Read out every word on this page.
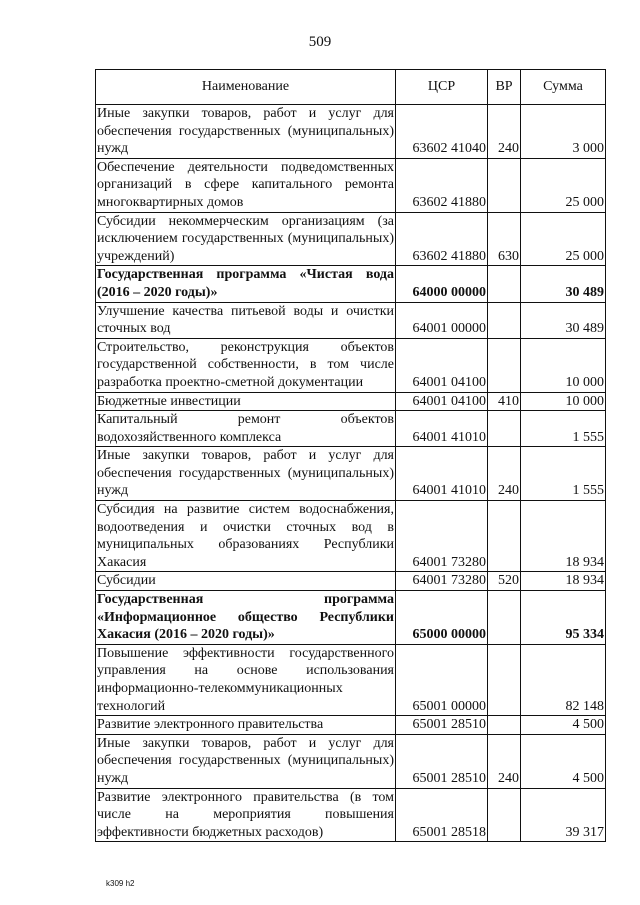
509
Наименование	ЦСР	ВР	Сумма
Иные закупки товаров, работ и услуг для обеспечения государственных (муниципальных) нужд	63602 41040	240	3 000
Обеспечение деятельности подведомственных организаций в сфере капитального ремонта многоквартирных домов	63602 41880		25 000
Субсидии некоммерческим организациям (за исключением государственных (муниципальных) учреждений)	63602 41880	630	25 000
Государственная программа «Чистая вода (2016 – 2020 годы)»	64000 00000		30 489
Улучшение качества питьевой воды и очистки сточных вод	64001 00000		30 489
Строительство, реконструкция объектов государственной собственности, в том числе разработка проектно-сметной документации	64001 04100		10 000
Бюджетные инвестиции	64001 04100	410	10 000
Капитальный ремонт объектов водохозяйственного комплекса	64001 41010		1 555
Иные закупки товаров, работ и услуг для обеспечения государственных (муниципальных) нужд	64001 41010	240	1 555
Субсидия на развитие систем водоснабжения, водоотведения и очистки сточных вод в муниципальных образованиях Республики Хакасия	64001 73280		18 934
Субсидии	64001 73280	520	18 934
Государственная программа «Информационное общество Республики Хакасия (2016 – 2020 годы)»	65000 00000		95 334
Повышение эффективности государственного управления на основе использования информационно-телекоммуникационных технологий	65001 00000		82 148
Развитие электронного правительства	65001 28510		4 500
Иные закупки товаров, работ и услуг для обеспечения государственных (муниципальных) нужд	65001 28510	240	4 500
Развитие электронного правительства (в том числе на мероприятия повышения эффективности бюджетных расходов)	65001 28518		39 317
k309 h2
